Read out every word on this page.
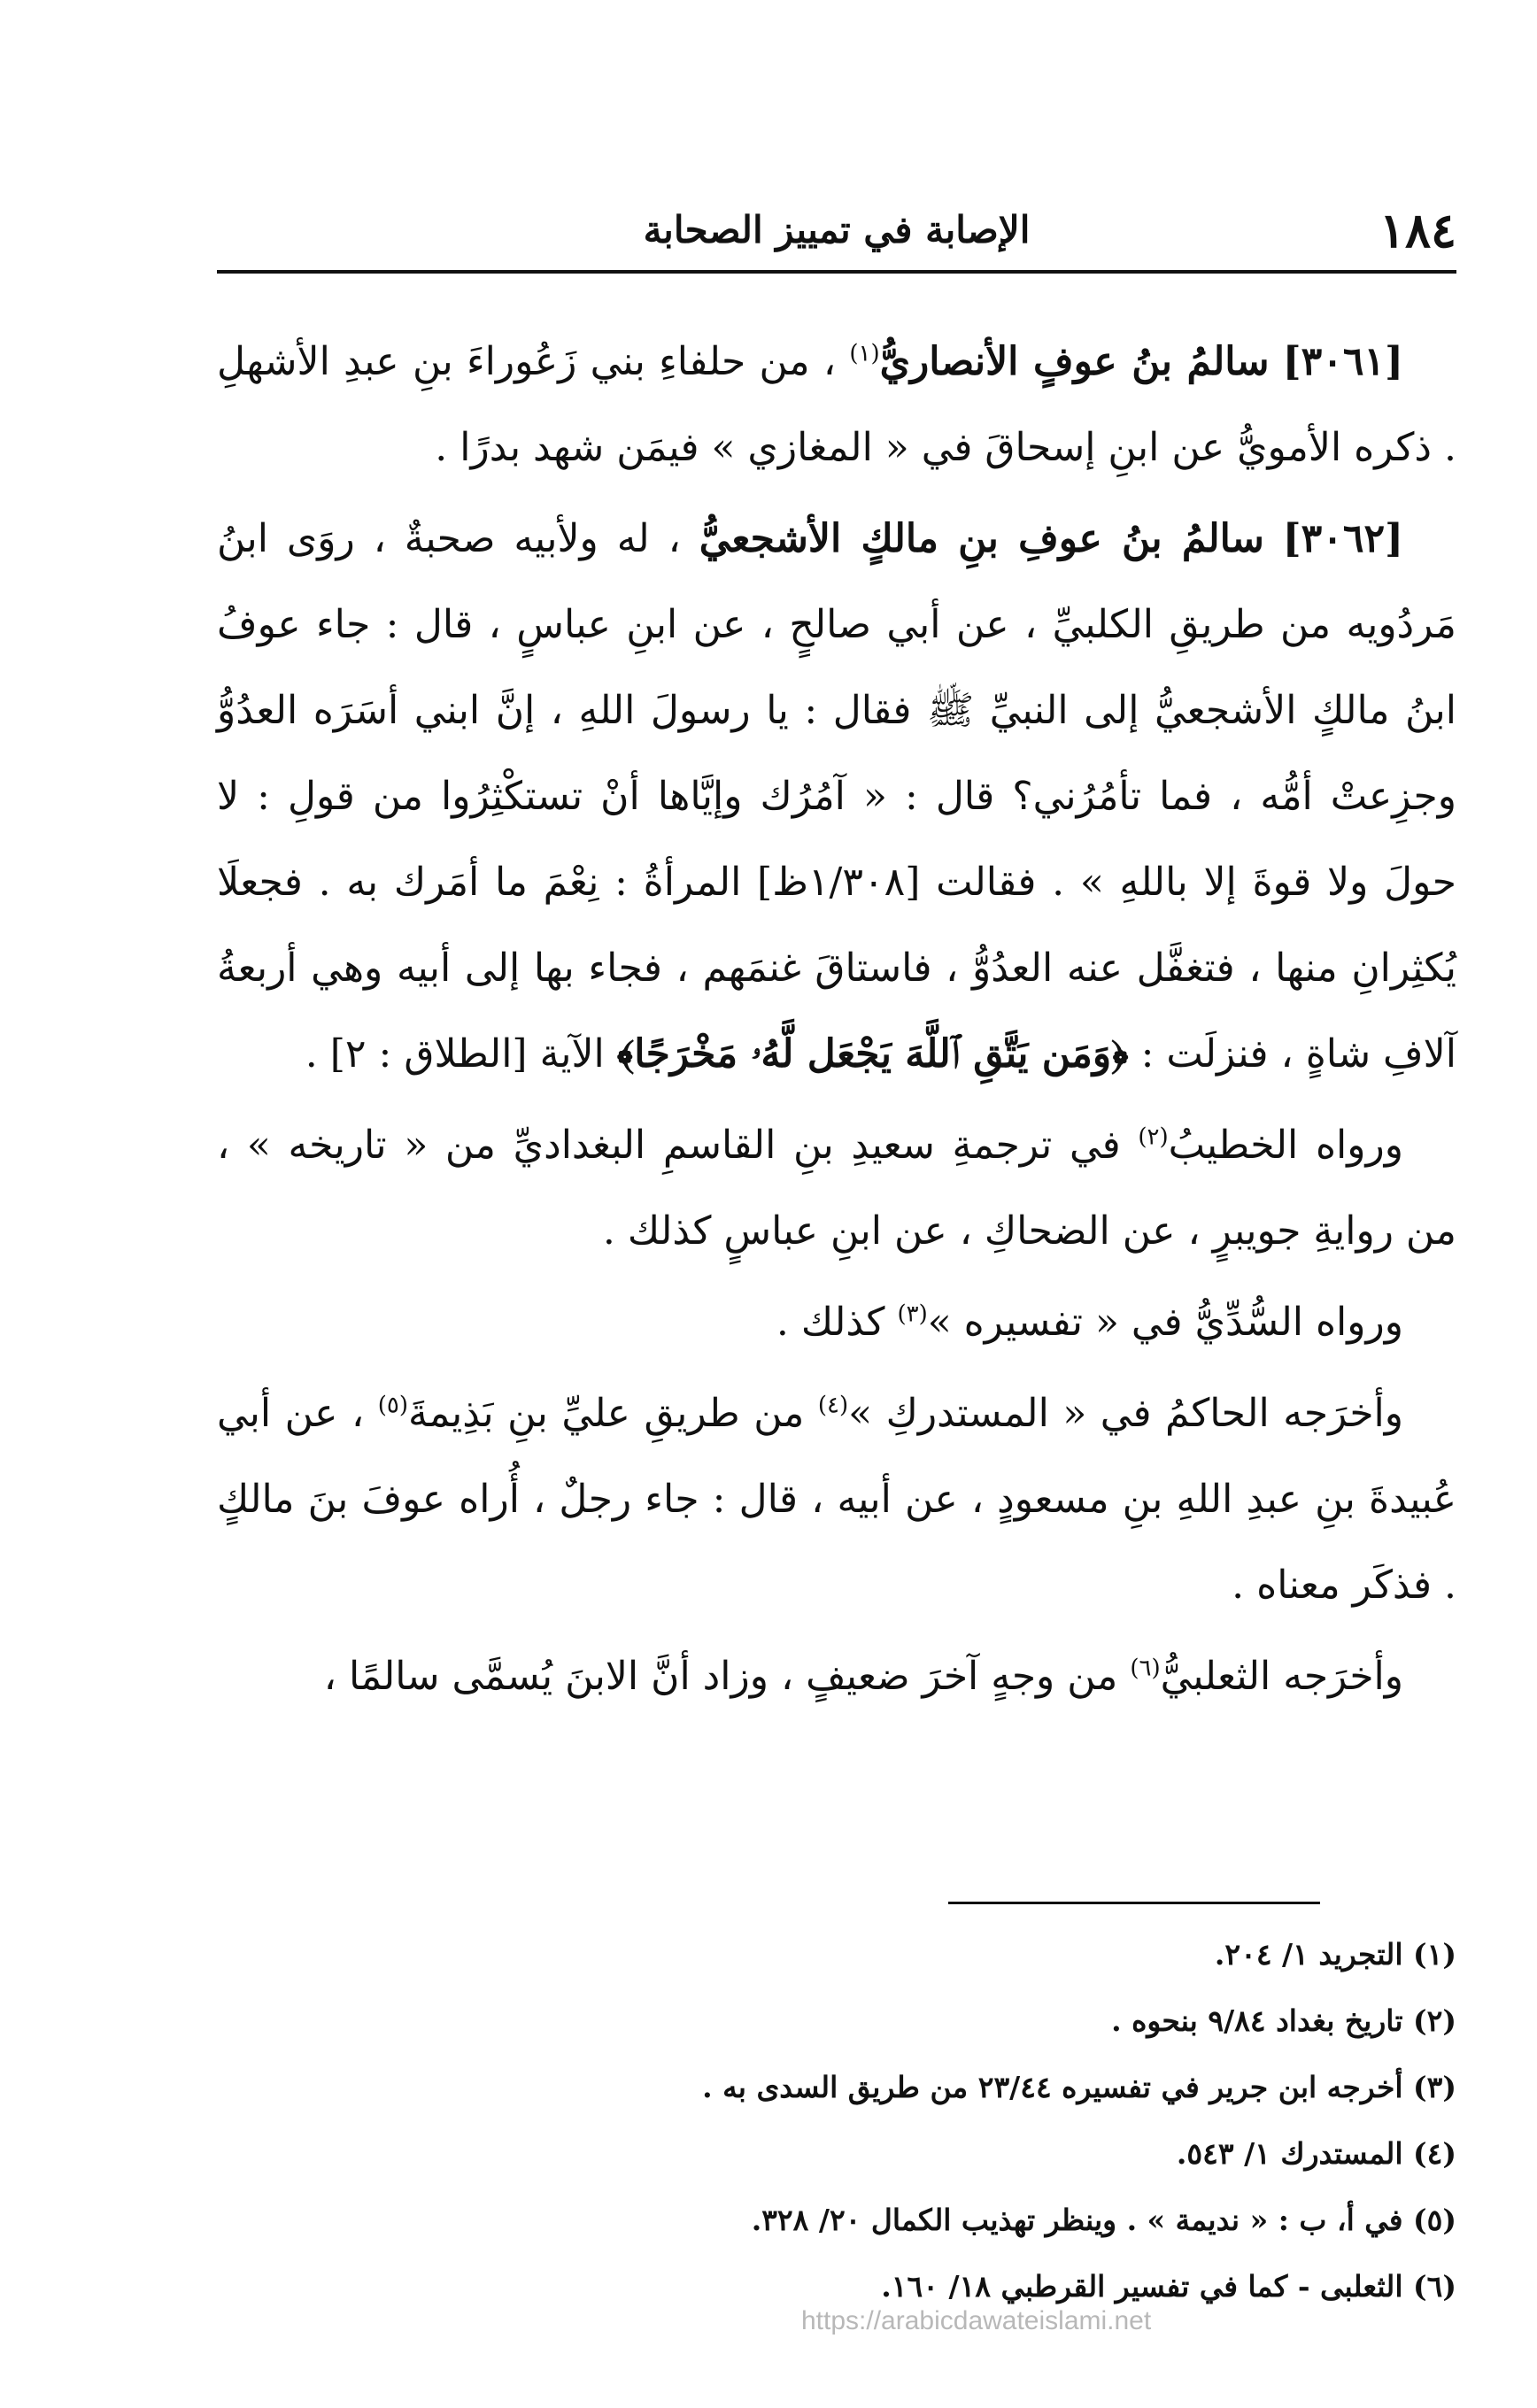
١٨٤
الإصابة في تمييز الصحابة

[٣٠٦١] سالمُ بنُ عوفٍ الأنصاريُّ$^{(١)}$ ، من حلفاءِ بني زَعُوراءَ بنِ عبدِ الأشهلِ . ذكره الأمويُّ عن ابنِ إسحاقَ في « المغازي » فيمَن شهد بدرًا .

[٣٠٦٢] سالمُ بنُ عوفِ بنِ مالكٍ الأشجعيُّ ، له ولأبيه صحبةٌ ، روَى ابنُ مَردُويه من طريقِ الكلبيِّ ، عن أبي صالحٍ ، عن ابنِ عباسٍ ، قال : جاء عوفُ ابنُ مالكٍ الأشجعيُّ إلى النبيِّ ﷺ فقال : يا رسولَ اللهِ ، إنَّ ابني أسَرَه العدُوُّ وجزِعتْ أمُّه ، فما تأمُرُني؟ قال : « آمُرُك وإيَّاها أنْ تستكْثِرُوا من قولِ : لا حولَ ولا قوةَ إلا باللهِ » . فقالت [١/٣٠٨ظ] المرأةُ : نِعْمَ ما أمَرك به . فجعلَا يُكثِرانِ منها ، فتغفَّل عنه العدُوُّ ، فاستاقَ غنمَهم ، فجاء بها إلى أبيه وهي أربعةُ آلافِ شاةٍ ، فنزلَت : ﴿وَمَن يَتَّقِ ٱللَّهَ يَجْعَل لَّهُۥ مَخْرَجًا﴾ الآية [الطلاق : ٢] .

ورواه الخطيبُ$^{(٢)}$ في ترجمةِ سعيدِ بنِ القاسمِ البغداديِّ من « تاريخه » ، من روايةِ جويبرٍ ، عن الضحاكِ ، عن ابنِ عباسٍ كذلك .

ورواه السُّدِّيُّ في « تفسيره »$^{(٣)}$ كذلك .

وأخرَجه الحاكمُ في « المستدركِ »$^{(٤)}$ من طريقِ عليِّ بنِ بَذِيمةَ$^{(٥)}$ ، عن أبي عُبيدةَ بنِ عبدِ اللهِ بنِ مسعودٍ ، عن أبيه ، قال : جاء رجلٌ ، أُراه عوفَ بنَ مالكٍ . فذكَر معناه .

وأخرَجه الثعلبيُّ$^{(٦)}$ من وجهٍ آخرَ ضعيفٍ ، وزاد أنَّ الابنَ يُسمَّى سالمًا ،

(١) التجريد ١/ ٢٠٤.

(٢) تاريخ بغداد ٩/٨٤ بنحوه .

(٣) أخرجه ابن جرير في تفسيره ٢٣/٤٤ من طريق السدى به .

(٤) المستدرك ١/ ٥٤٣.

(٥) في أ، ب : « نديمة » . وينظر تهذيب الكمال ٢٠/ ٣٢٨.

(٦) الثعلبى - كما في تفسير القرطبي ١٨/ ١٦٠.

https://arabicdawateislami.net
